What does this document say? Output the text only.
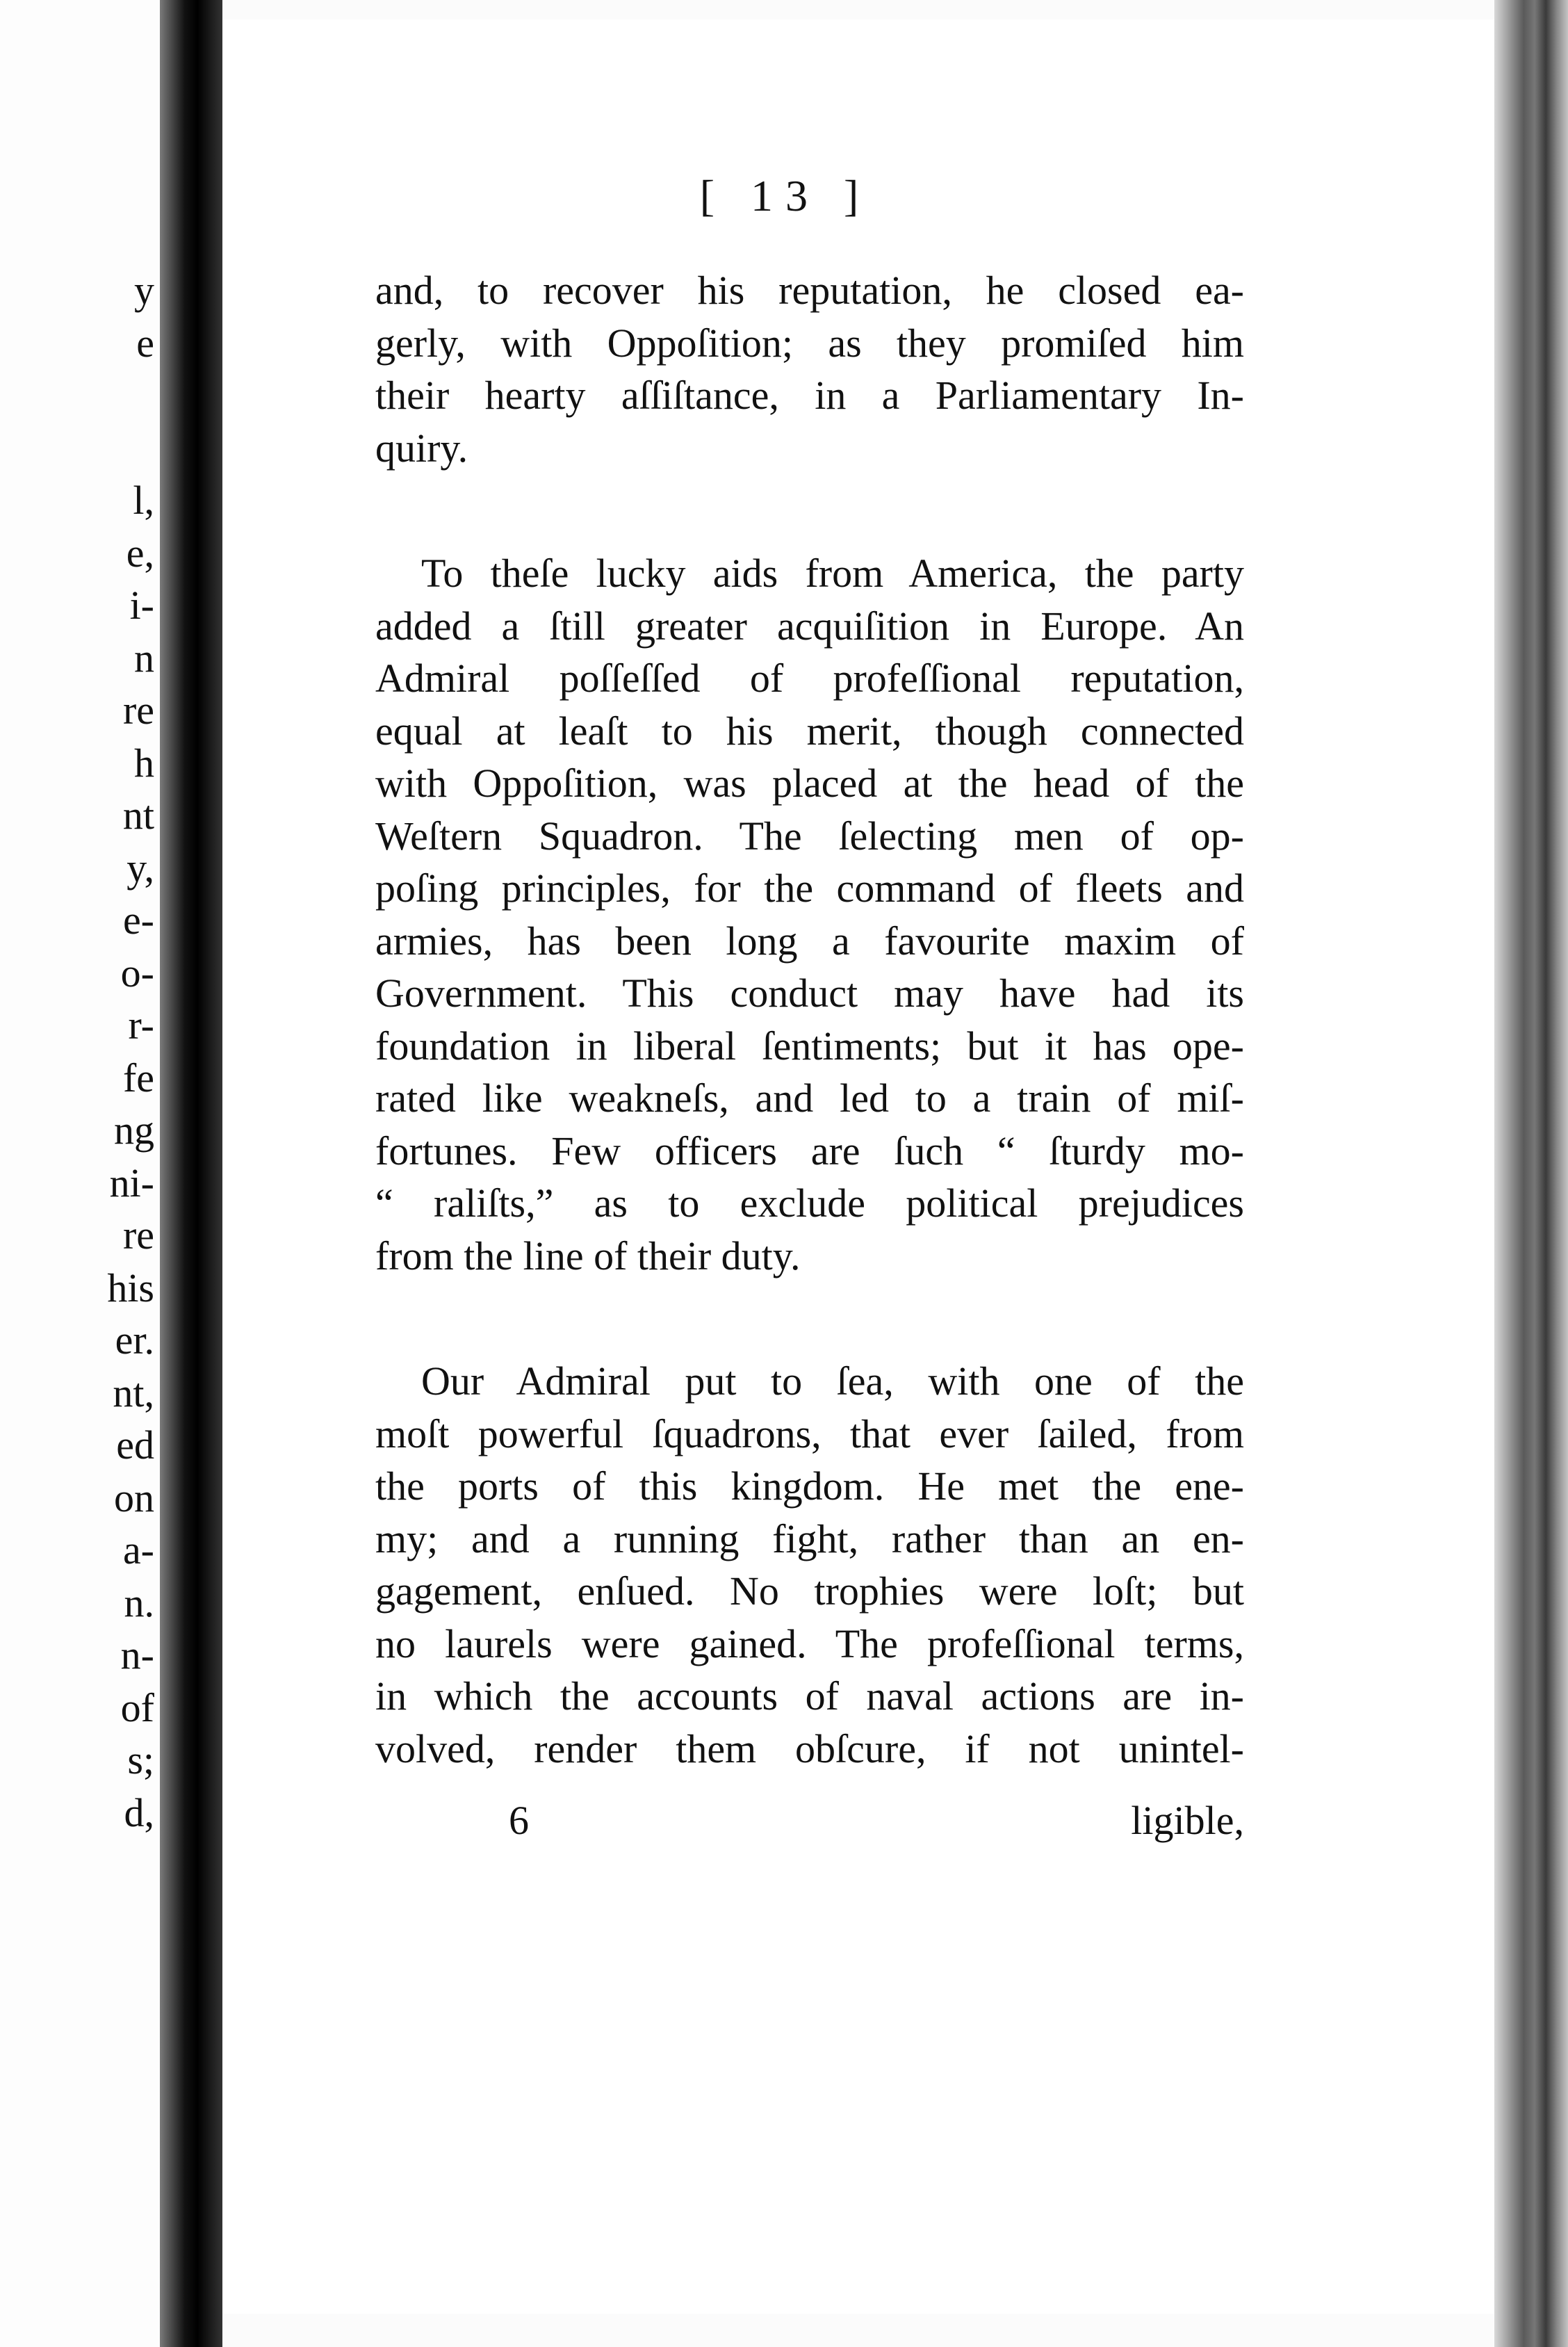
y
e
l,
e,
i-
n
re
h
nt
y,
e-
o-
r-
fe
ng
ni-
re
his
er.
nt,
ed
on
a-
n.
n-
of
s;
d,
[ 13 ]
and, to recover his reputation, he closed ea-
gerly, with Oppoſition; as they promiſed him
their hearty aſſiſtance, in a Parliamentary In-
quiry.
To theſe lucky aids from America, the party
added a ſtill greater acquiſition in Europe. An
Admiral poſſeſſed of profeſſional reputation,
equal at leaſt to his merit, though connected
with Oppoſition, was placed at the head of the
Weſtern Squadron. The ſelecting men of op-
poſing principles, for the command of fleets and
armies, has been long a favourite maxim of
Government. This conduct may have had its
foundation in liberal ſentiments; but it has ope-
rated like weakneſs, and led to a train of miſ-
fortunes. Few officers are ſuch “ ſturdy mo-
“ raliſts,” as to exclude political prejudices
from the line of their duty.
Our Admiral put to ſea, with one of the
moſt powerful ſquadrons, that ever ſailed, from
the ports of this kingdom. He met the ene-
my; and a running fight, rather than an en-
gagement, enſued. No trophies were loſt; but
no laurels were gained. The profeſſional terms,
in which the accounts of naval actions are in-
volved, render them obſcure, if not unintel-
6	ligible,
